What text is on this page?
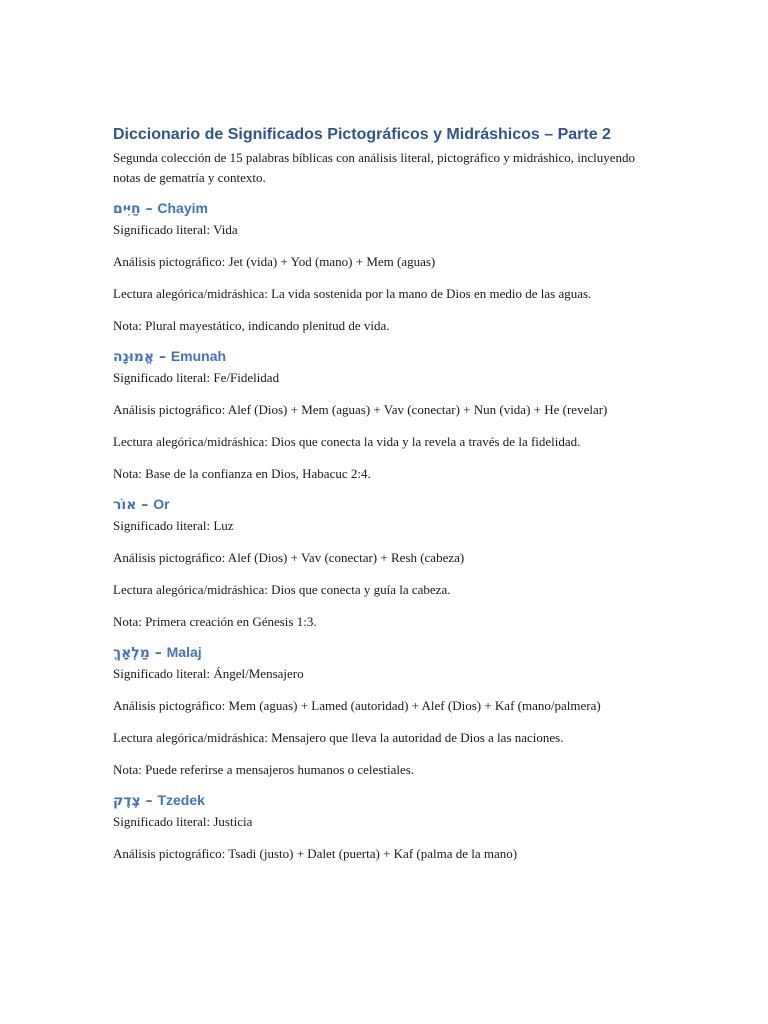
Diccionario de Significados Pictográficos y Midráshicos – Parte 2

Segunda colección de 15 palabras bíblicas con análisis literal, pictográfico y midráshico, incluyendo notas de gematría y contexto.

חַיִּים – Chayim

Significado literal: Vida

Análisis pictográfico: Jet (vida) + Yod (mano) + Mem (aguas)

Lectura alegórica/midráshica: La vida sostenida por la mano de Dios en medio de las aguas.

Nota: Plural mayestático, indicando plenitud de vida.

אֱמוּנָה – Emunah

Significado literal: Fe/Fidelidad

Análisis pictográfico: Alef (Dios) + Mem (aguas) + Vav (conectar) + Nun (vida) + He (revelar)

Lectura alegórica/midráshica: Dios que conecta la vida y la revela a través de la fidelidad.

Nota: Base de la confianza en Dios, Habacuc 2:4.

אוֹר – Or

Significado literal: Luz

Análisis pictográfico: Alef (Dios) + Vav (conectar) + Resh (cabeza)

Lectura alegórica/midráshica: Dios que conecta y guía la cabeza.

Nota: Primera creación en Génesis 1:3.

מַלְאָךְ – Malaj

Significado literal: Ángel/Mensajero

Análisis pictográfico: Mem (aguas) + Lamed (autoridad) + Alef (Dios) + Kaf (mano/palmera)

Lectura alegórica/midráshica: Mensajero que lleva la autoridad de Dios a las naciones.

Nota: Puede referirse a mensajeros humanos o celestiales.

צֶדֶק – Tzedek

Significado literal: Justicia

Análisis pictográfico: Tsadi (justo) + Dalet (puerta) + Kaf (palma de la mano)
